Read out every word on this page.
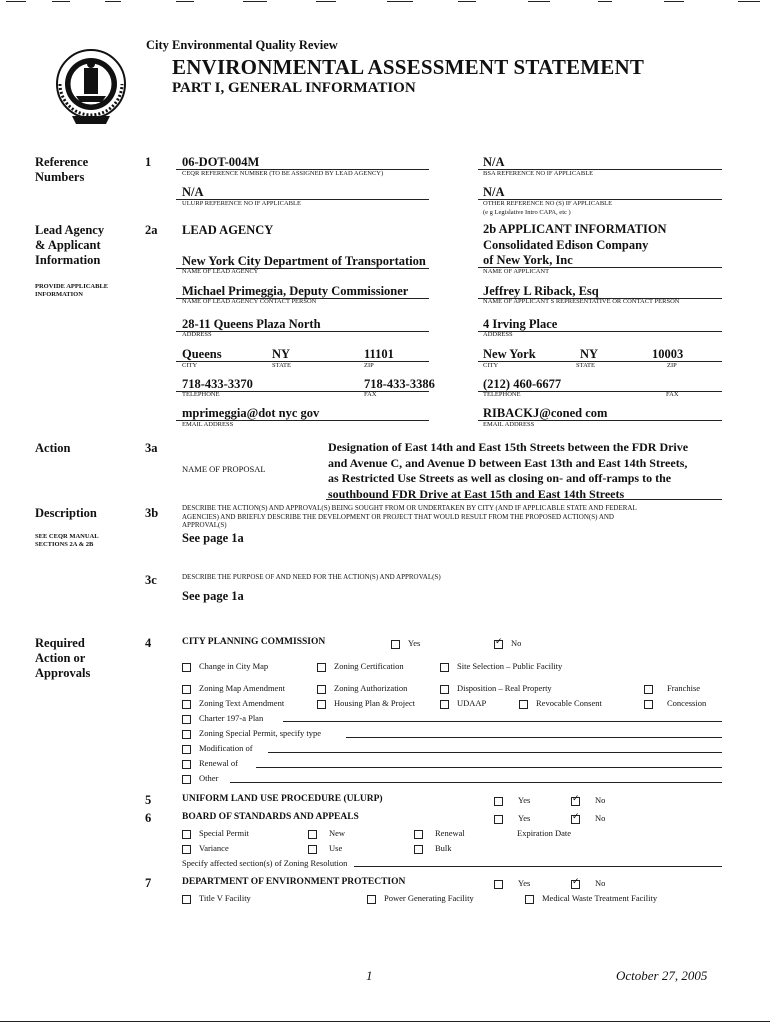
City Environmental Quality Review
ENVIRONMENTAL ASSESSMENT STATEMENT
PART I, GENERAL INFORMATION
Reference Numbers
Lead Agency & Applicant Information
PROVIDE APPLICABLE INFORMATION
Action
Description
SEE CEQR MANUAL SECTIONS 2A & 2B
Required Action or Approvals
1 06-DOT-004M
CEQR REFERENCE NUMBER (TO BE ASSIGNED BY LEAD AGENCY)
N/A
BSA REFERENCE NO IF APPLICABLE
N/A
ULURP REFERENCE NO IF APPLICABLE
N/A
OTHER REFERENCE NO (S) IF APPLICABLE
(e g Legislative Intro CAPA, etc )
2a LEAD AGENCY	2b APPLICANT INFORMATION
New York City Department of Transportation
NAME OF LEAD AGENCY
Consolidated Edison Company
of New York, Inc
NAME OF APPLICANT
Michael Primeggia, Deputy Commissioner
NAME OF LEAD AGENCY CONTACT PERSON
Jeffrey L Riback, Esq
NAME OF APPLICANT S REPRESENTATIVE OR CONTACT PERSON
28-11 Queens Plaza North
ADDRESS
4 Irving Place
ADDRESS
Queens	NY	11101
CITY	STATE	ZIP
New York	NY	10003
CITY	STATE	ZIP
718-433-3370	718-433-3386
TELEPHONE	FAX
(212) 460-6677
TELEPHONE	FAX
mprimeggia@dot nyc gov
EMAIL ADDRESS
RIBACKJ@coned com
EMAIL ADDRESS
3a
NAME OF PROPOSAL
Designation of East 14th and East 15th Streets between the FDR Drive
and Avenue C, and Avenue D between East 13th and East 14th Streets,
as Restricted Use Streets as well as closing on- and off-ramps to the
southbound FDR Drive at East 15th and East 14th Streets
3b	DESCRIBE THE ACTION(S) AND APPROVAL(S) BEING SOUGHT FROM OR UNDERTAKEN BY CITY (AND IF APPLICABLE STATE AND FEDERAL
AGENCIES) AND BRIEFLY DESCRIBE THE DEVELOPMENT OR PROJECT THAT WOULD RESULT FROM THE PROPOSED ACTION(S) AND
APPROVAL(S)
See page 1a
3c	DESCRIBE THE PURPOSE OF AND NEED FOR THE ACTION(S) AND APPROVAL(S)
See page 1a
4	CITY PLANNING COMMISSION	Yes ✓	No
Change in City Map	Zoning Certification	Site Selection – Public Facility
Zoning Map Amendment	Zoning Authorization	Disposition – Real Property	Franchise
Zoning Text Amendment	Housing Plan & Project	UDAAP	Revocable Consent	Concession
Charter 197-a Plan
Zoning Special Permit, specify type
Modification of
Renewal of
Other
5	UNIFORM LAND USE PROCEDURE (ULURP)	Yes ✓	No
6	BOARD OF STANDARDS AND APPEALS	Yes ✓	No
Special Permit	New	Renewal	Expiration Date
Variance	Use	Bulk
Specify affected section(s) of Zoning Resolution
7	DEPARTMENT OF ENVIRONMENT PROTECTION	Yes ✓	No
Title V Facility	Power Generating Facility	Medical Waste Treatment Facility
1	October 27, 2005
